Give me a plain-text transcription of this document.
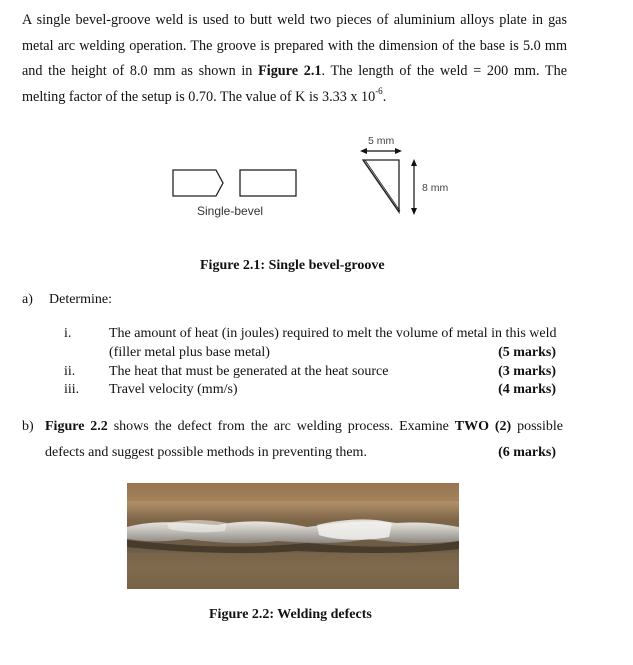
A single bevel-groove weld is used to butt weld two pieces of aluminium alloys plate in gas
metal arc welding operation. The groove is prepared with the dimension of the base is 5.0 mm
and the height of 8.0 mm as shown in Figure 2.1. The length of the weld = 200 mm. The
melting factor of the setup is 0.70. The value of K is 3.33 x $10^{-6}$.
5 mm
8 mm
Single-bevel
Figure 2.1: Single bevel-groove
a) Determine:
i.	The amount of heat (in joules) required to melt the volume of metal in this weld
(filler metal plus base metal)	(5 marks)
ii. The heat that must be generated at the heat source	(3 marks)
iii. Travel velocity (mm/s)	(4 marks)
b) Figure 2.2 shows the defect from the arc welding process. Examine TWO (2) possible
defects and suggest possible methods in preventing them.	(6 marks)
Figure 2.2: Welding defects
